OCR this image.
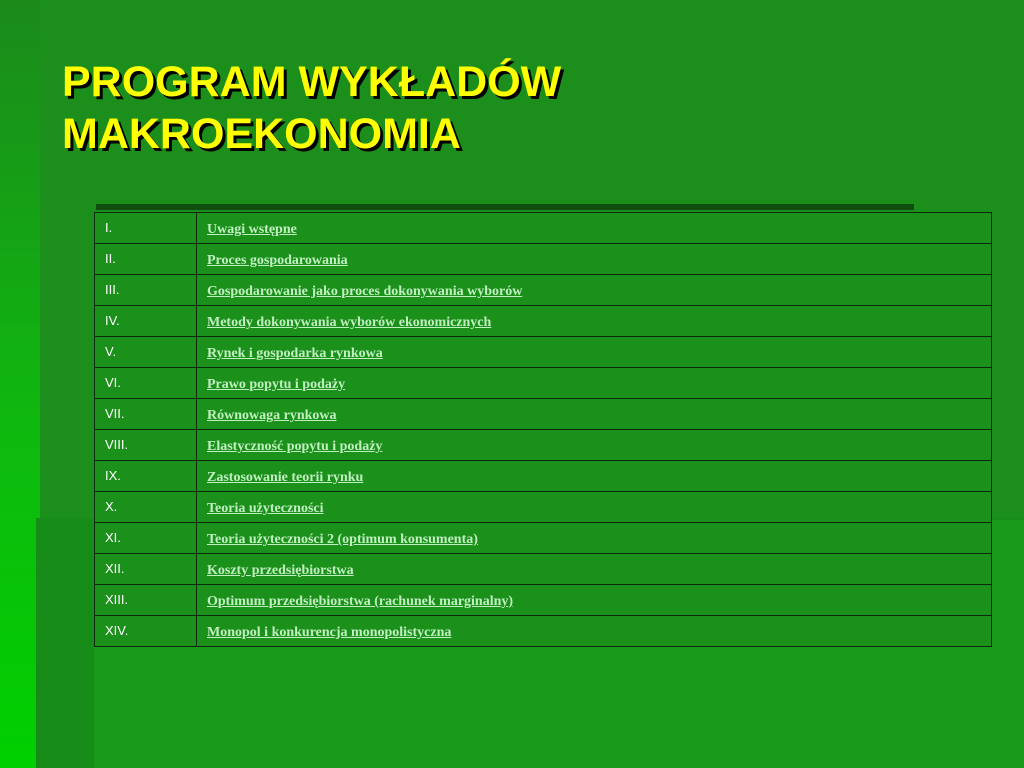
PROGRAM WYKŁADÓW
MAKROEKONOMIA
I.	Uwagi wstępne
II.	Proces gospodarowania
III.	Gospodarowanie jako proces dokonywania wyborów
IV.	Metody dokonywania wyborów ekonomicznych
V.	Rynek i gospodarka rynkowa
VI.	Prawo popytu i podaży
VII.	Równowaga rynkowa
VIII.	Elastyczność popytu i podaży
IX.	Zastosowanie teorii rynku
X.	Teoria użyteczności
XI.	Teoria użyteczności 2 (optimum konsumenta)
XII.	Koszty przedsiębiorstwa
XIII.	Optimum przedsiębiorstwa (rachunek marginalny)
XIV.	Monopol i konkurencja monopolistyczna
